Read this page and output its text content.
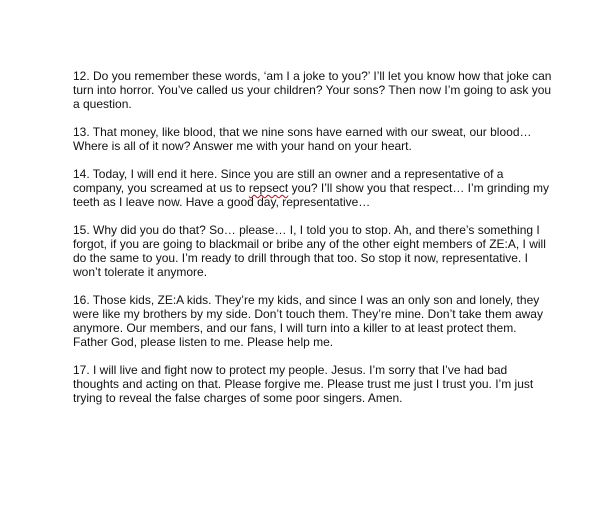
12. Do you remember these words, ‘am I a joke to you?’ I’ll let you know how that joke can turn into horror. You’ve called us your children? Your sons? Then now I’m going to ask you a question.

13. That money, like blood, that we nine sons have earned with our sweat, our blood… Where is all of it now? Answer me with your hand on your heart.

14. Today, I will end it here. Since you are still an owner and a representative of a company, you screamed at us to repsect you? I’ll show you that respect… I’m grinding my teeth as I leave now. Have a good day, representative…

15. Why did you do that? So… please… I, I told you to stop. Ah, and there’s something I forgot, if you are going to blackmail or bribe any of the other eight members of ZE:A, I will do the same to you. I’m ready to drill through that too. So stop it now, representative. I won’t tolerate it anymore.

16. Those kids, ZE:A kids. They’re my kids, and since I was an only son and lonely, they were like my brothers by my side. Don’t touch them. They’re mine. Don’t take them away anymore. Our members, and our fans, I will turn into a killer to at least protect them. Father God, please listen to me. Please help me.

17. I will live and fight now to protect my people. Jesus. I’m sorry that I’ve had bad thoughts and acting on that. Please forgive me. Please trust me just I trust you. I’m just trying to reveal the false charges of some poor singers. Amen.
